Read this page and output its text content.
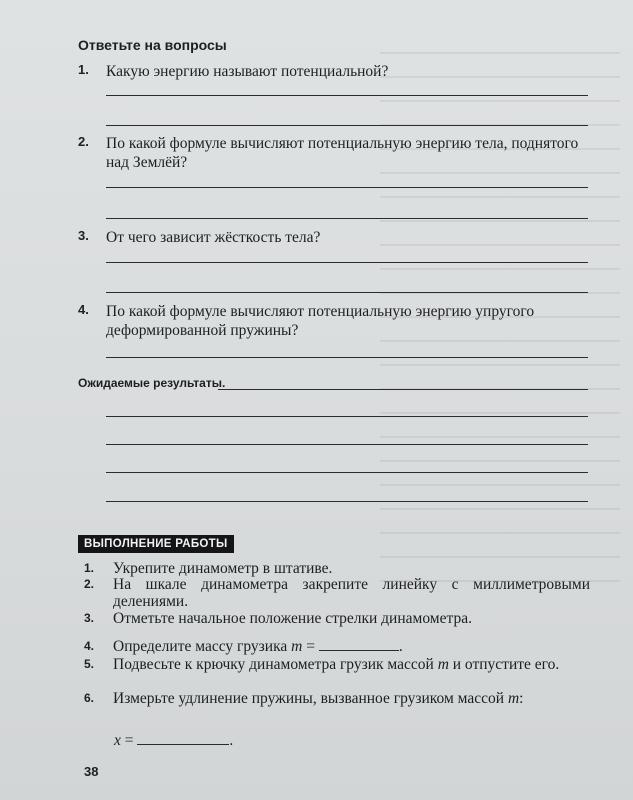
Ответьте на вопросы
1. Какую энергию называют потенциальной?
2. По какой формуле вычисляют потенциальную энергию тела, поднятого над Землёй?
3. От чего зависит жёсткость тела?
4. По какой формуле вычисляют потенциальную энергию упругого деформированной пружины?
Ожидаемые результаты.
ВЫПОЛНЕНИЕ РАБОТЫ
1. Укрепите динамометр в штативе.
2. На шкале динамометра закрепите линейку с миллиметровыми делениями.
3. Отметьте начальное положение стрелки динамометра.
4. Определите массу грузика m =	.
5. Подвесьте к крючку динамометра грузик массой m и отпустите его.
6. Измерьте удлинение пружины, вызванное грузиком массой m:
x =	.
38
